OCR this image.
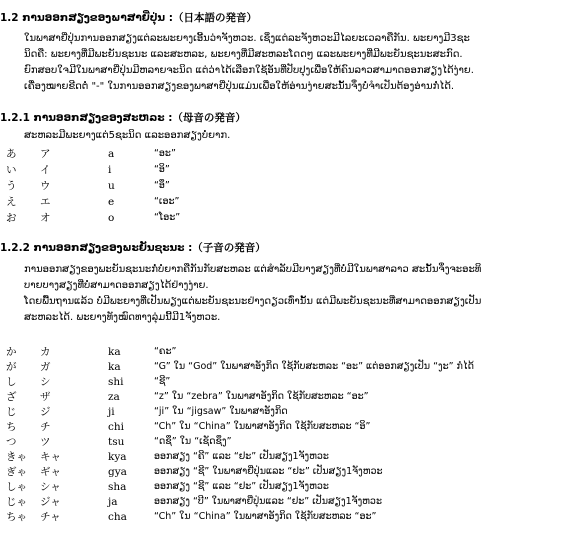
1.2 ການອອກສຽງຂອງພາສາຍີ່ປຸ່ນ :（日本語の発音）
ໃນພາສາຍີ່ປຸ່ນການອອກສຽງແຕ່ລະພະຍາງເອີ້ນວ່າຈັງຫວະ. ເຊິ່ງແຕ່ລະຈັງຫວະມີໄລຍະເວລາຄືກັນ. ພະຍາງມີ3ຊະ
ນິດຄື: ພະຍາງທີ່ມີພະຍັນຊະນະ ແລະສະຫລະ, ພະຍາງທີ່ມີສະຫລະໂດດໆ ແລະພະຍາງທີ່ມີພະຍັນຊະນະສະກົດ.
ຍົກສອບໃຈມີໃນພາສາຍີ່ປຸ່ນມີຫລາຍຈະນິດ ແຕ່ວ່າໄດ້ເລືອກໃຊ້ອັນທີ່ປັບປຸງເພື່ອໃຫ້ຄົນລາວສາມາດອອກສຽງໄດ້ງ່າຍ.
ເຄື່ອງໝາຍຂີດຕໍ່ "-" ໃນການອອກສຽງຂອງພາສາຍີ່ປຸ່ນແມ່ນເພື່ອໃຫ້ອ່ານງ່າຍສະນັ້ນຈຶ່ງບໍ່ຈຳເປັນຕ້ອງອ່ານກໍ່ໄດ້.
1.2.1 ການອອກສຽງຂອງສະຫລະ :（母音の発音）
ສະຫລະມີພະຍາງແຕ່5ຊະນິດ ແລະອອກສຽງບໍ່ຍາກ.
あ ア	a	“ອະ”
い イ	i	“ອິ”
う ウ	u	“ອຶ”
え エ	e	“ເອະ”
お オ	o	“ໂອະ”
1.2.2 ການອອກສຽງຂອງພະຍັນຊະນະ :（子音の発音）
ການອອກສຽງຂອງພະຍັນຊະນະກໍ່ບໍ່ຍາກຄືກັນກັບສະຫລະ ແຕ່ສຳລັບມີບາງສຽງທີ່ບໍ່ມີໃນພາສາລາວ ສະນັ້ນຈຶ່ງຈະອະທິ
ບາຍບາງສຽງທີ່ບໍ່ສາມາດອອກສຽງໄດ້ຢ່າງງ່າຍ.
ໂດຍພື້ນຖານແລ້ວ ບໍ່ມີພະຍາງທີ່ເປັນພຽງແຕ່ພະຍັນຊະນະຢ່າງດຽວເທົ່ານັ້ນ ແຕ່ມີພະຍັນຊະນະທີ່ສາມາດອອກສຽງເປັນ
ສະຫລະໄດ້. ພະຍາງທັງໝົດທາງລຸ່ມນີ້ມີ1ຈັງຫວະ.
か カ	ka	“ຄະ”
が ガ	ka	“G” ໃນ “God” ໃນພາສາອັງກິດ ໃຊ້ກັບສະຫລະ “ອະ” ແຕ່ອອກສຽງເປັນ “ງະ” ກໍໄດ້
し シ	shi	“ຊີ”
ざ ザ	za	“z” ໃນ “zebra” ໃນພາສາອັງກິດ ໃຊ້ກັບສະຫລະ “ອະ”
じ ジ	ji	“ji” ໃນ “jigsaw” ໃນພາສາອັງກິດ
ち チ	chi	“Ch” ໃນ “China” ໃນພາສາອັງກິດ ໃຊ້ກັບສະຫລະ “ອິ”
つ ツ	tsu	“ດຊຶ” ໃນ “ເຊັດຊຶງ”
きゃ キャ	kya	ອອກສຽງ “ຄີ” ແລະ “ຢະ” ເປັນສຽງ1ຈັງຫວະ
ぎゃ ギャ	gya	ອອກສຽງ “ຊີ” ໃນພາສາຍີ່ປຸ່ນແລະ “ຢະ” ເປັນສຽງ1ຈັງຫວະ
しゃ シャ	sha	ອອກສຽງ “ຊີ” ແລະ “ຢະ” ເປັນສຽງ1ຈັງຫວະ
じゃ ジャ	ja	ອອກສຽງ “ບີ” ໃນພາສາຍີ່ປຸ່ນແລະ “ຢະ” ເປັນສຽງ1ຈັງຫວະ
ちゃ チャ	cha	“Ch” ໃນ “China” ໃນພາສາອັງກິດ ໃຊ້ກັບສະຫລະ “ອະ”
